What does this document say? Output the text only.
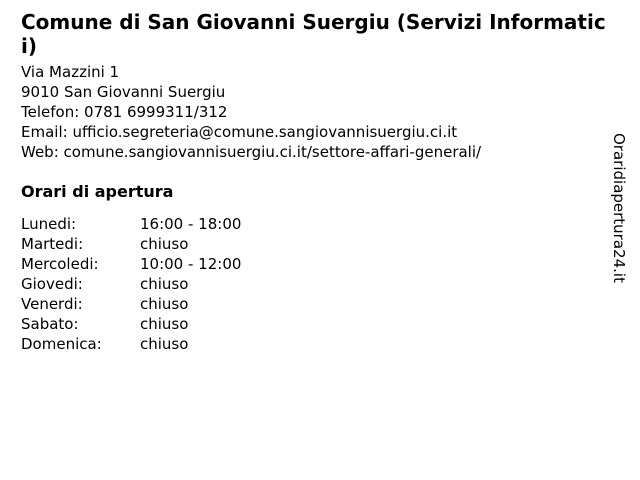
Comune di San Giovanni Suergiu (Servizi Informatici)
Via Mazzini 1
9010 San Giovanni Suergiu
Telefon: 0781 6999311/312
Email: ufficio.segreteria@comune.sangiovannisuergiu.ci.it
Web: comune.sangiovannisuergiu.ci.it/settore-affari-generali/
Orari di apertura
Lunedi:	16:00 - 18:00
Martedi:	chiuso
Mercoledi:	10:00 - 12:00
Giovedi:	chiuso
Venerdi:	chiuso
Sabato:	chiuso
Domenica:	chiuso
Oraridiapertura24.it
